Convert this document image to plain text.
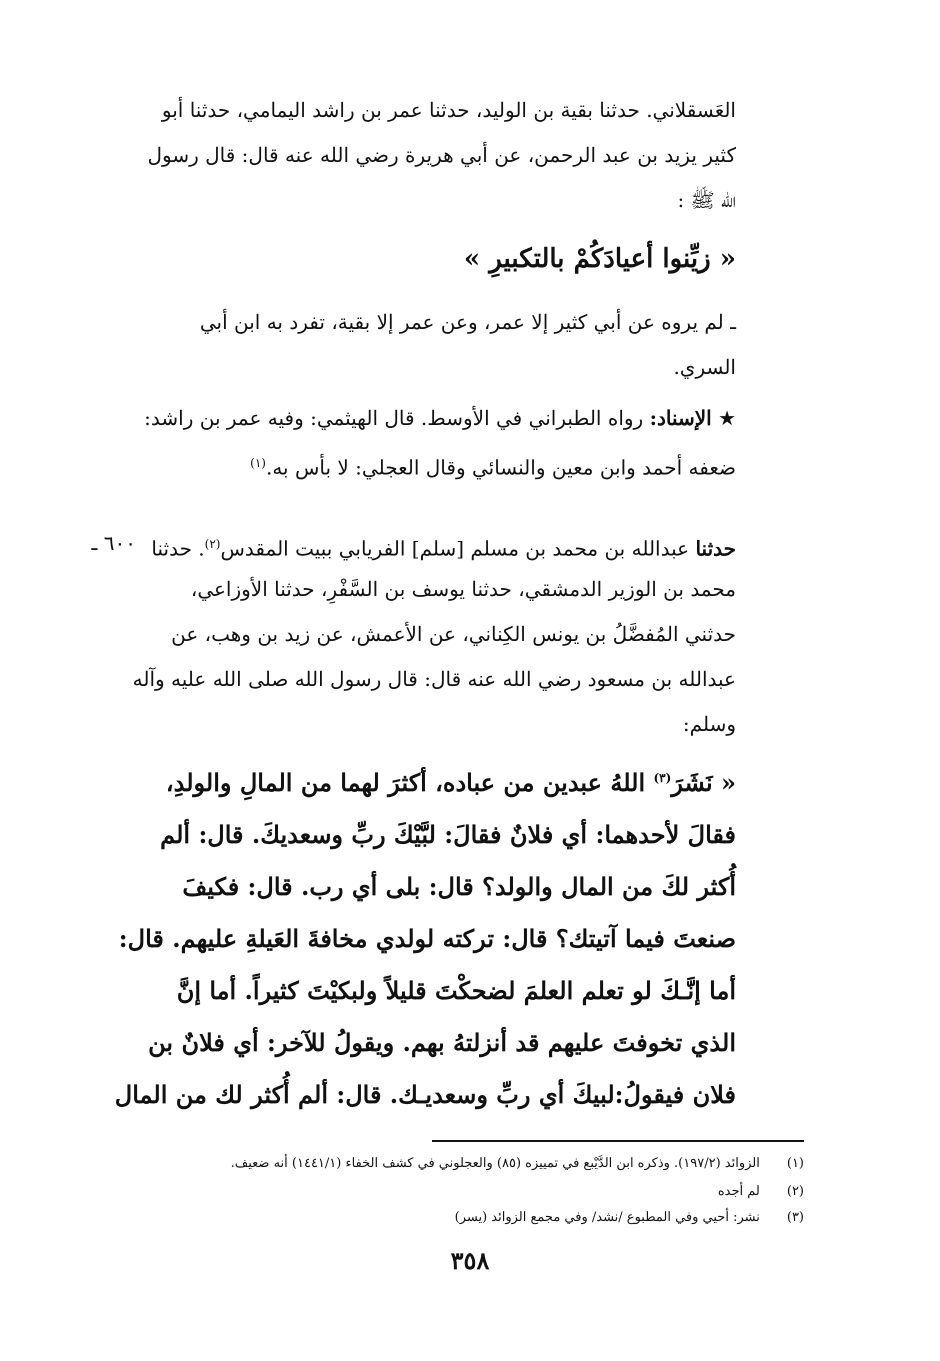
العَسقلاني. حدثنا بقية بن الوليد، حدثنا عمر بن راشد اليمامي، حدثنا أبو
كثير يزيد بن عبد الرحمن، عن أبي هريرة رضي الله عنه قال: قال رسول
الله ﷺ :
« زيِّنوا أعيادَكُمْ بالتكبيرِ »
ـ لم يروه عن أبي كثير إلا عمر، وعن عمر إلا بقية، تفرد به ابن أبي
السري.
★ الإسناد: رواه الطبراني في الأوسط. قال الهيثمي: وفيه عمر بن راشد:
ضعفه أحمد وابن معين والنسائي وقال العجلي: لا بأس به.$^{(١)}$
٦٠٠ ـ	حدثنا عبدالله بن محمد بن مسلم [سلم] الفريابي ببيت المقدس$^{(٢)}$. حدثنا
محمد بن الوزير الدمشقي، حدثنا يوسف بن السَّفْرِ، حدثنا الأوزاعي،
حدثني المُفضَّلُ بن يونس الكِناني، عن الأعمش، عن زيد بن وهب، عن
عبدالله بن مسعود رضي الله عنه قال: قال رسول الله صلى الله عليه وآله
وسلم:
« نَشَرَ$^{(٣)}$ اللهُ عبدين من عباده، أكثرَ لهما من المالِ والولدِ،
فقالَ لأحدهما: أي فلانٌ فقالَ: لبَّيْكَ ربِّ وسعديكَ. قال: ألم
أُكثر لكَ من المال والولد؟ قال: بلى أي رب. قال: فكيفَ
صنعتَ فيما آتيتك؟ قال: تركته لولدي مخافةَ العَيلةِ عليهم. قال:
أما إنَّـكَ لو تعلم العلمَ لضحكْتَ قليلاً ولبكيْتَ كثيراً. أما إنَّ
الذي تخوفتَ عليهم قد أنزلتهُ بهم. ويقولُ للآخر: أي فلانٌ بن
فلان فيقولُ:لبيكَ أي ربِّ وسعديـك. قال: ألم أُكثر لك من المال
(١) الزوائد (١٩٧/٢). وذكره ابن الدَّيْبع في تمييزه (٨٥) والعجلوني في كشف الخفاء (١٤٤١/١) أنه ضعيف.
(٢) لم أجده
(٣) نشر: أحيي وفي المطبوع /نشد/ وفي مجمع الزوائد (يسر)
٣٥٨
